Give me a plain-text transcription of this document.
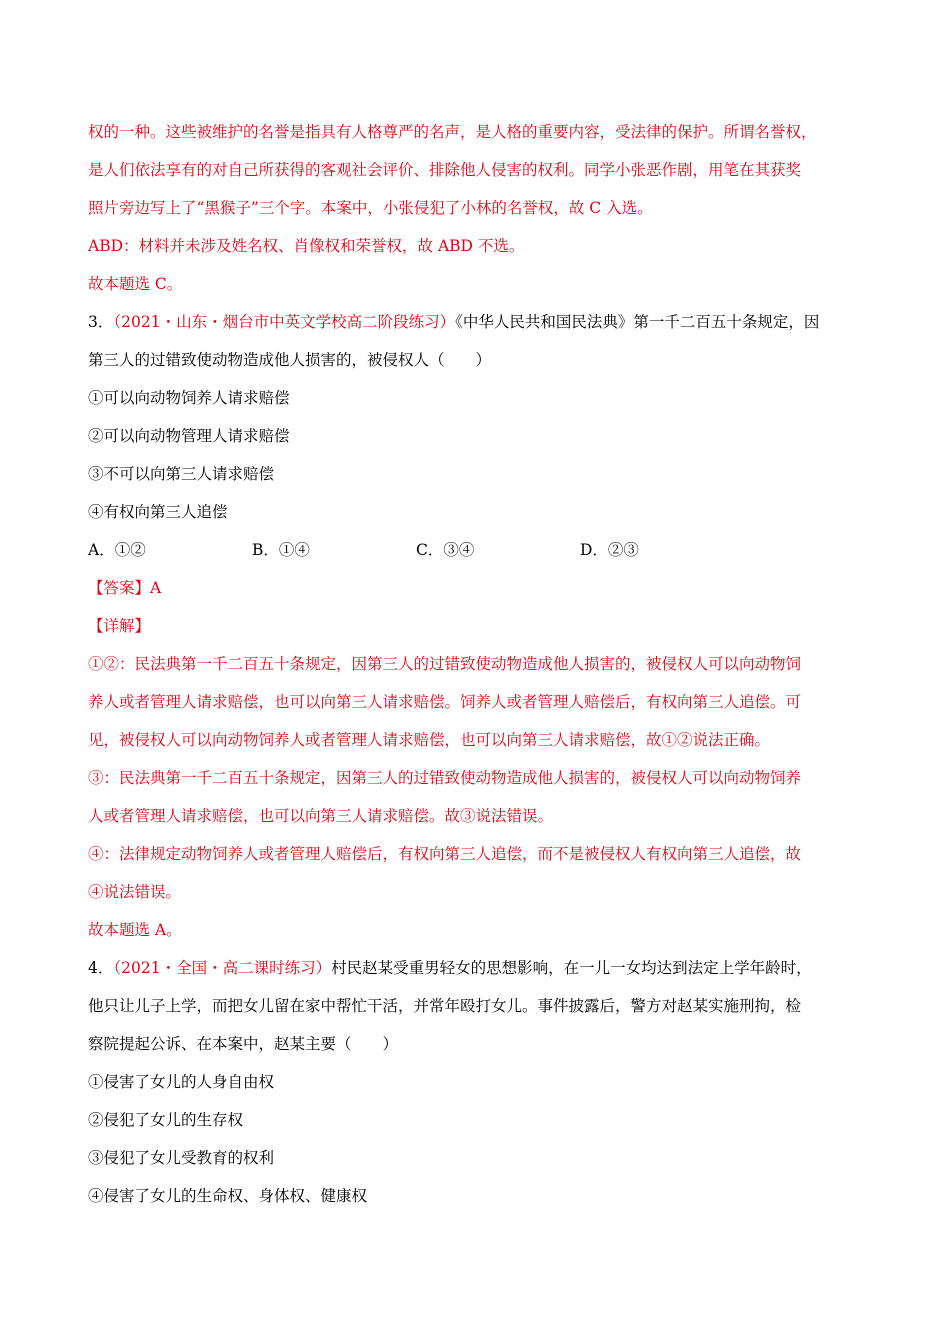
权的一种。这些被维护的名誉是指具有人格尊严的名声，是人格的重要内容，受法律的保护。所谓名誉权，
是人们依法享有的对自己所获得的客观社会评价、排除他人侵害的权利。同学小张恶作剧，用笔在其获奖
照片旁边写上了“黑猴子”三个字。本案中，小张侵犯了小林的名誉权，故 C 入选。
ABD：材料并未涉及姓名权、肖像权和荣誉权，故 ABD 不选。
故本题选 C。
3．（2021・山东・烟台市中英文学校高二阶段练习）《中华人民共和国民法典》第一千二百五十条规定，因
第三人的过错致使动物造成他人损害的，被侵权人（　　）
①可以向动物饲养人请求赔偿
②可以向动物管理人请求赔偿
③不可以向第三人请求赔偿
④有权向第三人追偿
A．①②	B．①④	C．③④	D．②③
【答案】A
【详解】
①②：民法典第一千二百五十条规定，因第三人的过错致使动物造成他人损害的，被侵权人可以向动物饲
养人或者管理人请求赔偿，也可以向第三人请求赔偿。饲养人或者管理人赔偿后，有权向第三人追偿。可
见，被侵权人可以向动物饲养人或者管理人请求赔偿，也可以向第三人请求赔偿，故①②说法正确。
③：民法典第一千二百五十条规定，因第三人的过错致使动物造成他人损害的，被侵权人可以向动物饲养
人或者管理人请求赔偿，也可以向第三人请求赔偿。故③说法错误。
④：法律规定动物饲养人或者管理人赔偿后，有权向第三人追偿，而不是被侵权人有权向第三人追偿，故
④说法错误。
故本题选 A。
4．（2021・全国・高二课时练习）村民赵某受重男轻女的思想影响，在一儿一女均达到法定上学年龄时，
他只让儿子上学，而把女儿留在家中帮忙干活，并常年殴打女儿。事件披露后，警方对赵某实施刑拘，检
察院提起公诉、在本案中，赵某主要（　　）
①侵害了女儿的人身自由权
②侵犯了女儿的生存权
③侵犯了女儿受教育的权利
④侵害了女儿的生命权、身体权、健康权
